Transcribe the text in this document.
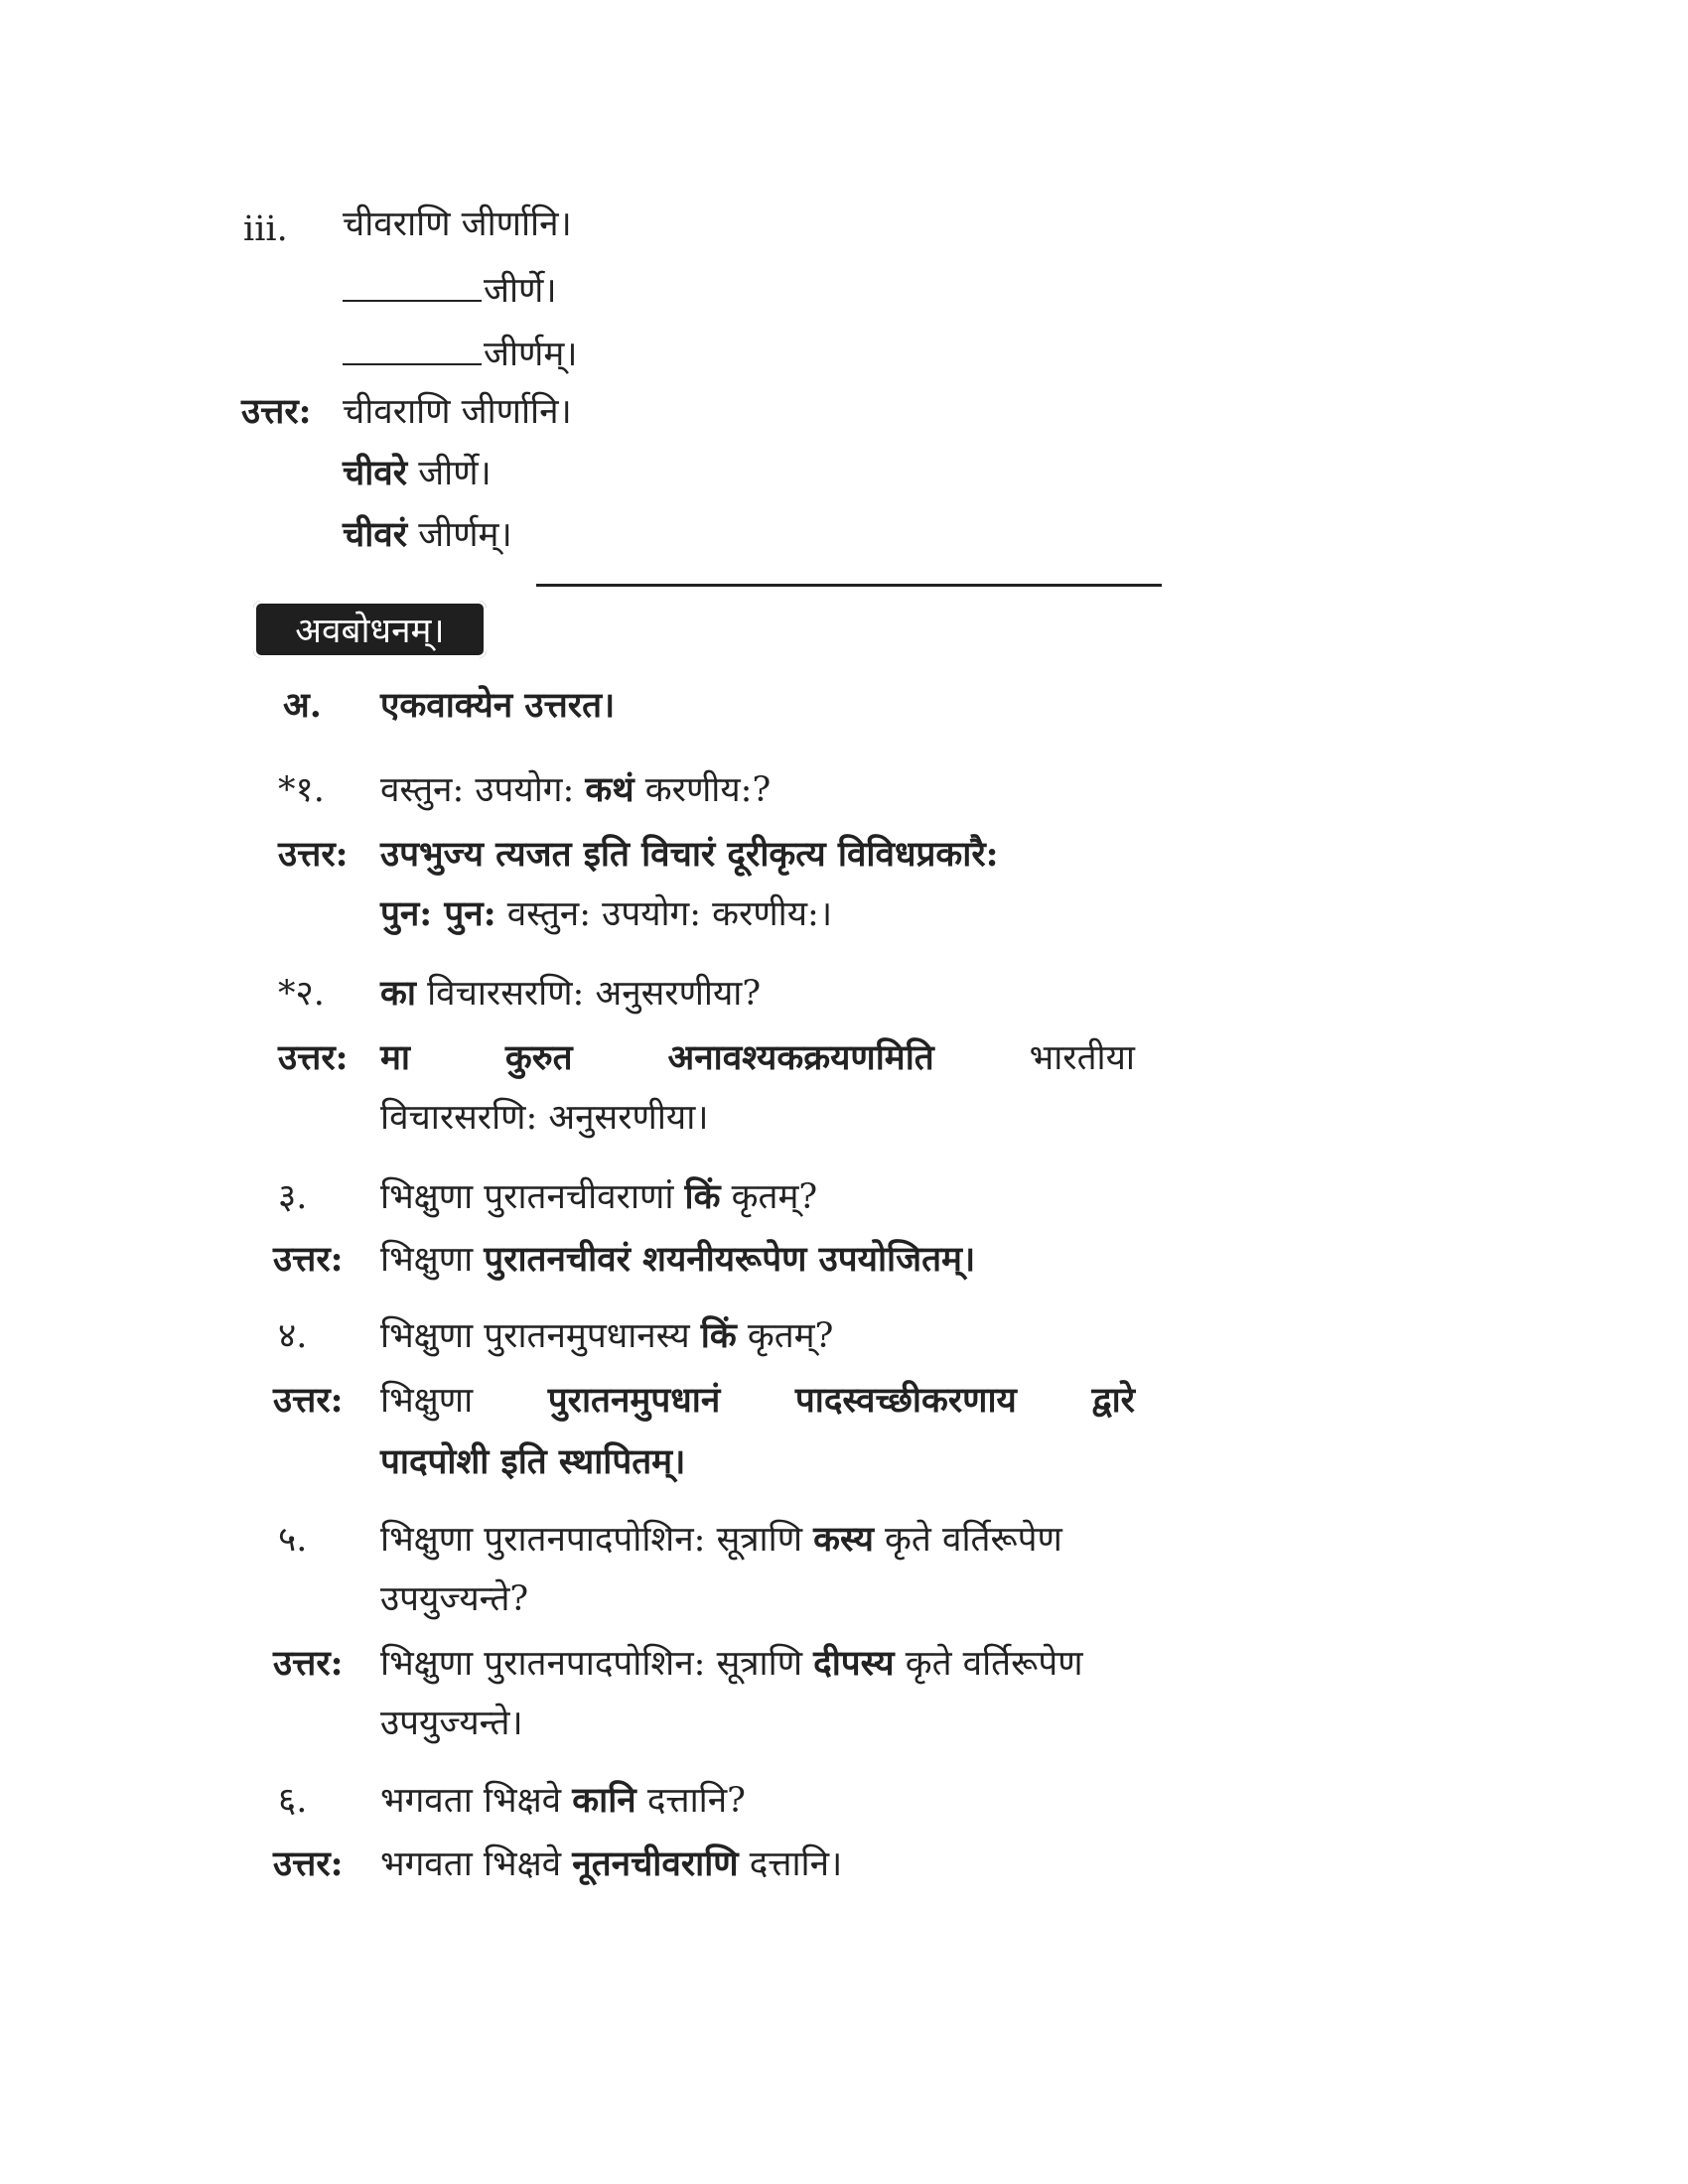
iii. चीवराणि जीर्णानि।
जीर्णे।
जीर्णम्।
उत्तर: चीवराणि जीर्णानि।
चीवरे जीर्णे।
चीवरं जीर्णम्।
अवबोधनम्।
अ. एकवाक्येन उत्तरत।
*१. वस्तुन: उपयोग: कथं करणीय:?
उत्तर: उपभुज्य त्यजत इति विचारं दूरीकृत्य विविधप्रकारै:
पुन: पुन: वस्तुन: उपयोग: करणीय:।
*२. का विचारसरणि: अनुसरणीया?
उत्तर: मा	कुरुत	अनावश्यकक्रयणमिति	भारतीया
विचारसरणि: अनुसरणीया।
३. भिक्षुणा पुरातनचीवराणां किं कृतम्?
उत्तर: भिक्षुणा पुरातनचीवरं शयनीयरूपेण उपयोजितम्।
४. भिक्षुणा पुरातनमुपधानस्य किं कृतम्?
उत्तर: भिक्षुणा पुरातनमुपधानं पादस्वच्छीकरणाय द्वारे
पादपोशी इति स्थापितम्।
५. भिक्षुणा पुरातनपादपोशिन: सूत्राणि कस्य कृते वर्तिरूपेण
उपयुज्यन्ते?
उत्तर: भिक्षुणा पुरातनपादपोशिन: सूत्राणि दीपस्य कृते वर्तिरूपेण
उपयुज्यन्ते।
६. भगवता भिक्षवे कानि दत्तानि?
उत्तर: भगवता भिक्षवे नूतनचीवराणि दत्तानि।
